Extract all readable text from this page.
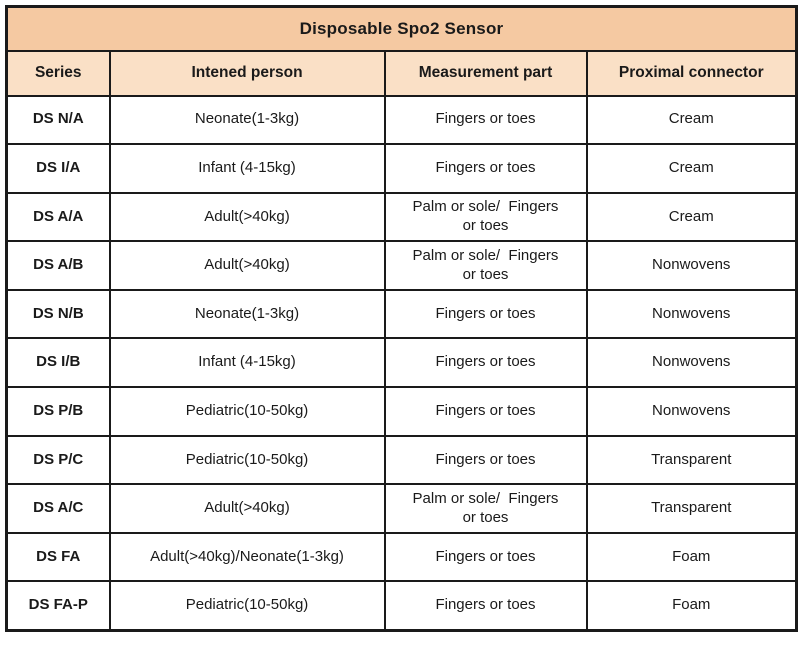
Disposable Spo2 Sensor			
Series	Intened person	Measurement part	Proximal connector
DS N/A	Neonate(1-3kg)	Fingers or toes	Cream
DS I/A	Infant (4-15kg)	Fingers or toes	Cream
DS A/A	Adult(>40kg)	Palm or sole/  Fingers or toes	Cream
DS A/B	Adult(>40kg)	Palm or sole/  Fingers or toes	Nonwovens
DS N/B	Neonate(1-3kg)	Fingers or toes	Nonwovens
DS I/B	Infant (4-15kg)	Fingers or toes	Nonwovens
DS P/B	Pediatric(10-50kg)	Fingers or toes	Nonwovens
DS P/C	Pediatric(10-50kg)	Fingers or toes	Transparent
DS A/C	Adult(>40kg)	Palm or sole/  Fingers or toes	Transparent
DS FA	Adult(>40kg)/Neonate(1-3kg)	Fingers or toes	Foam
DS FA-P	Pediatric(10-50kg)	Fingers or toes	Foam
